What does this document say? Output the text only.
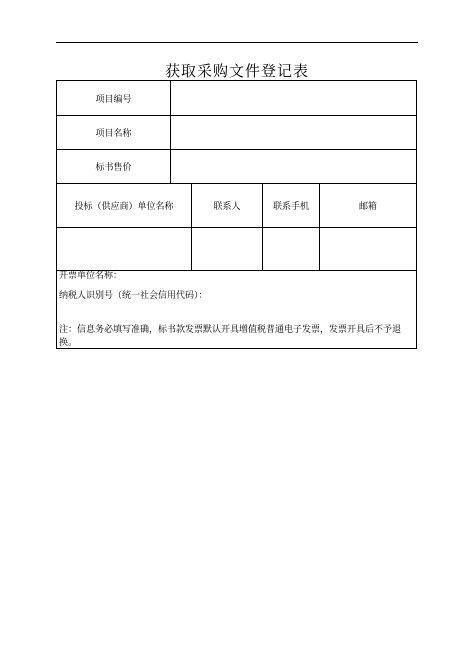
获取采购文件登记表
项目编号
项目名称
标书售价
投标（供应商）单位名称	联系人	联系手机	邮箱
开票单位名称：
纳税人识别号（统一社会信用代码）：
注：信息务必填写准确，标书款发票默认开具增值税普通电子发票，发票开具后不予退换。
